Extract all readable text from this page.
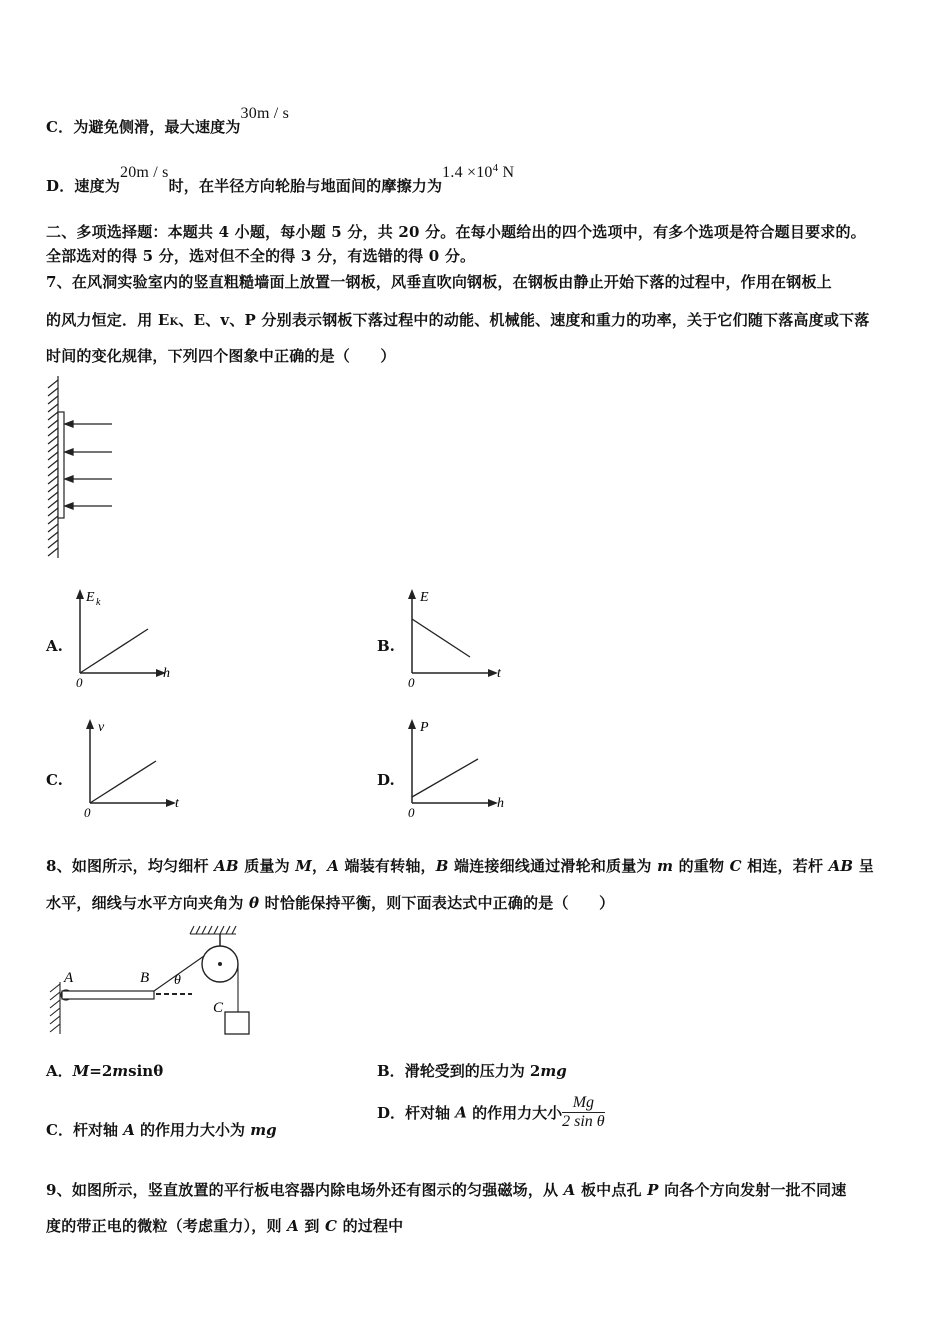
C．为避免侧滑，最大速度为30m / s
D．速度为20m / s时，在半径方向轮胎与地面间的摩擦力为$1.4 \times 10^4$ N
二、多项选择题：本题共 4 小题，每小题 5 分，共 20 分。在每小题给出的四个选项中，有多个选项是符合题目要求的。
全部选对的得 5 分，选对但不全的得 3 分，有选错的得 0 分。
7、在风洞实验室内的竖直粗糙墙面上放置一钢板，风垂直吹向钢板，在钢板由静止开始下落的过程中，作用在钢板上
的风力恒定．用 EK、E、v、P 分别表示钢板下落过程中的动能、机械能、速度和重力的功率，关于它们随下落高度或下落
时间的变化规律，下列四个图象中正确的是（　　）
A.
E k
h
0
B.
E
t
0
C.
v
t
0
D.
P
h
0
8、如图所示，均匀细杆 AB 质量为 M，A 端装有转轴，B 端连接细线通过滑轮和质量为 m 的重物 C 相连，若杆 AB 呈
水平，细线与水平方向夹角为 θ 时恰能保持平衡，则下面表达式中正确的是（　　）
A	B θ
C
A．M=2msinθ	B．滑轮受到的压力为 2mg
C．杆对轴 A 的作用力大小为 mg
D．杆对轴 A 的作用力大小 $\frac{Mg}{\text{2 sin θ}}$
9、如图所示，竖直放置的平行板电容器内除电场外还有图示的匀强磁场，从 A 板中点孔 P 向各个方向发射一批不同速
度的带正电的微粒（考虑重力），则 A 到 C 的过程中
